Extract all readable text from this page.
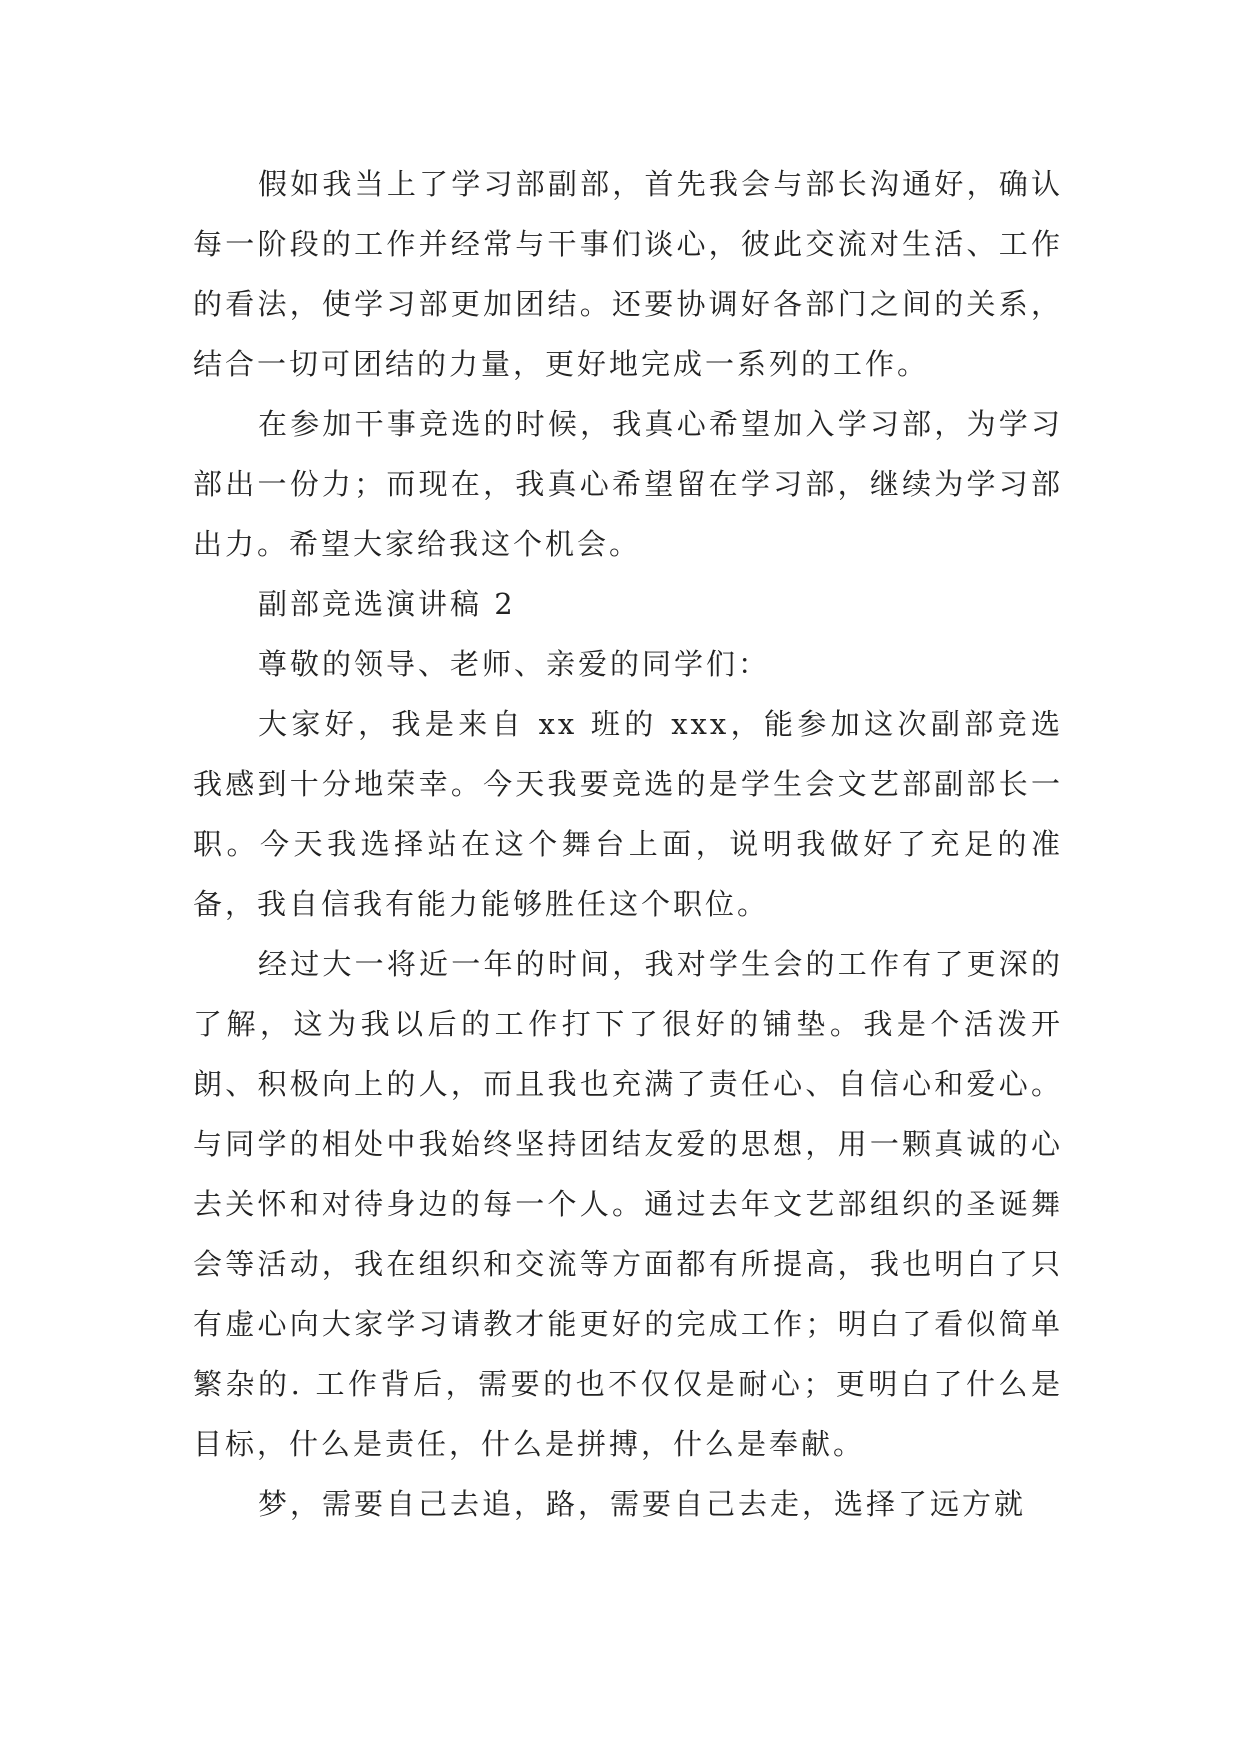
假如我当上了学习部副部，首先我会与部长沟通好，确认每一阶段的工作并经常与干事们谈心，彼此交流对生活、工作的看法，使学习部更加团结。还要协调好各部门之间的关系，结合一切可团结的力量，更好地完成一系列的工作。

在参加干事竞选的时候，我真心希望加入学习部，为学习部出一份力；而现在，我真心希望留在学习部，继续为学习部出力。希望大家给我这个机会。

副部竞选演讲稿 2

尊敬的领导、老师、亲爱的同学们：

大家好，我是来自 xx 班的 xxx，能参加这次副部竞选我感到十分地荣幸。今天我要竞选的是学生会文艺部副部长一职。今天我选择站在这个舞台上面，说明我做好了充足的准备，我自信我有能力能够胜任这个职位。

经过大一将近一年的时间，我对学生会的工作有了更深的了解，这为我以后的工作打下了很好的铺垫。我是个活泼开朗、积极向上的人，而且我也充满了责任心、自信心和爱心。与同学的相处中我始终坚持团结友爱的思想，用一颗真诚的心去关怀和对待身边的每一个人。通过去年文艺部组织的圣诞舞会等活动，我在组织和交流等方面都有所提高，我也明白了只有虚心向大家学习请教才能更好的完成工作；明白了看似简单繁杂的. 工作背后，需要的也不仅仅是耐心；更明白了什么是目标，什么是责任，什么是拼搏，什么是奉献。

梦，需要自己去追，路，需要自己去走，选择了远方就
